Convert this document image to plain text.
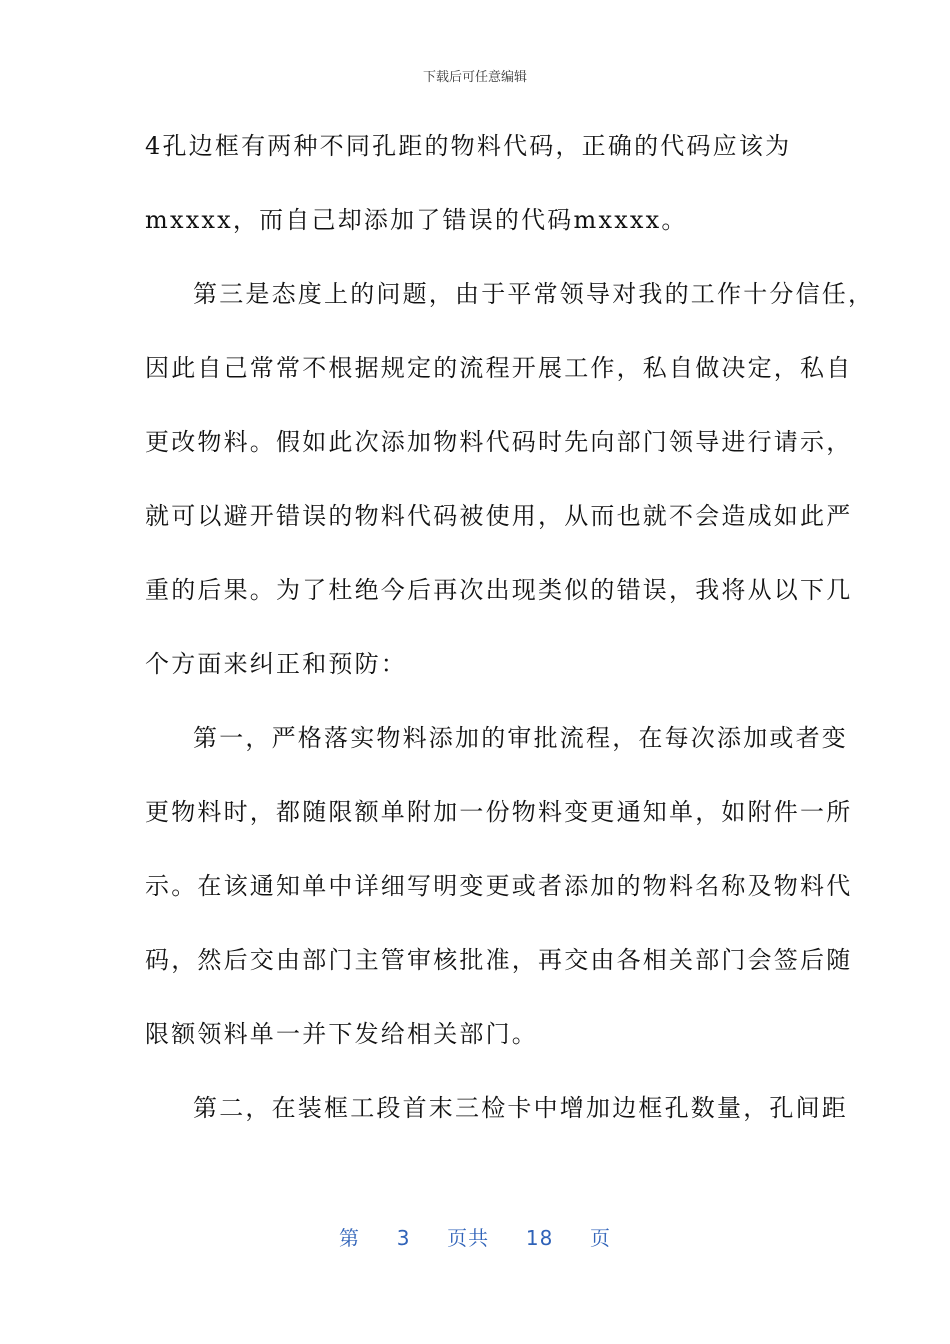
下载后可任意编辑
4孔边框有两种不同孔距的物料代码，正确的代码应该为
mxxxx，而自己却添加了错误的代码mxxxx。
第三是态度上的问题，由于平常领导对我的工作十分信任，
因此自己常常不根据规定的流程开展工作，私自做决定，私自
更改物料。假如此次添加物料代码时先向部门领导进行请示，
就可以避开错误的物料代码被使用，从而也就不会造成如此严
重的后果。为了杜绝今后再次出现类似的错误，我将从以下几
个方面来纠正和预防：
第一，严格落实物料添加的审批流程，在每次添加或者变
更物料时，都随限额单附加一份物料变更通知单，如附件一所
示。在该通知单中详细写明变更或者添加的物料名称及物料代
码，然后交由部门主管审核批准，再交由各相关部门会签后随
限额领料单一并下发给相关部门。
第二，在装框工段首末三检卡中增加边框孔数量，孔间距
第 3 页共 18 页
